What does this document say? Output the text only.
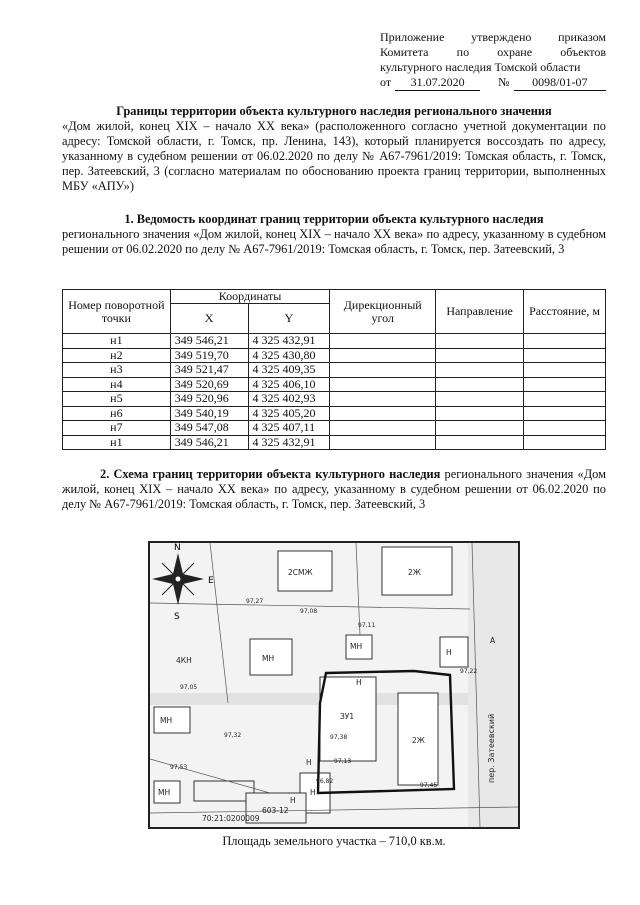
Приложение утверждено приказом
Комитета по охране объектов
культурного наследия Томской области
от	31.07.2020	№	0098/01-07
Границы территории объекта культурного наследия регионального значения
«Дом жилой, конец XIX – начало XX века» (расположенного согласно учетной документации по адресу: Томской области, г. Томск, пр. Ленина, 143), который планируется воссоздать по адресу, указанному в судебном решении от 06.02.2020 по делу № А67-7961/2019: Томская область, г. Томск, пер. Затеевский, 3 (согласно материалам по обоснованию проекта границ территории, выполненных МБУ «АПУ»)
1. Ведомость координат границ территории объекта культурного наследия
регионального значения «Дом жилой, конец XIX – начало XX века» по адресу, указанному в судебном решении от 06.02.2020 по делу № А67-7961/2019: Томская область, г. Томск, пер. Затеевский, 3
Номер поворотной точки	Координаты		Дирекционный угол	Направление	Расстояние, м
	X	Y			
н1	349 546,21	4 325 432,91			
н2	349 519,70	4 325 430,80			
н3	349 521,47	4 325 409,35			
н4	349 520,69	4 325 406,10			
н5	349 520,96	4 325 402,93			
н6	349 540,19	4 325 405,20			
н7	349 547,08	4 325 407,11			
н1	349 546,21	4 325 432,91			
2. Схема границ территории объекта культурного наследия регионального значения «Дом жилой, конец XIX – начало XX века» по адресу, указанному в судебном решении от 06.02.2020 по делу № А67-7961/2019: Томская область, г. Томск, пер. Затеевский, 3
N
E
S
2СМЖ	2Ж
4КН	МН
МН
Н
Н
ЗУ1
2Ж
МН
Н
Н
МН
Н
А
70:21:0200009
603-12
пер. Затеевский
97,27
97,11
97,32
97,08
97,38
97,13
96,82
97,05
97,53
97,45
97,22
Площадь земельного участка – 710,0 кв.м.
